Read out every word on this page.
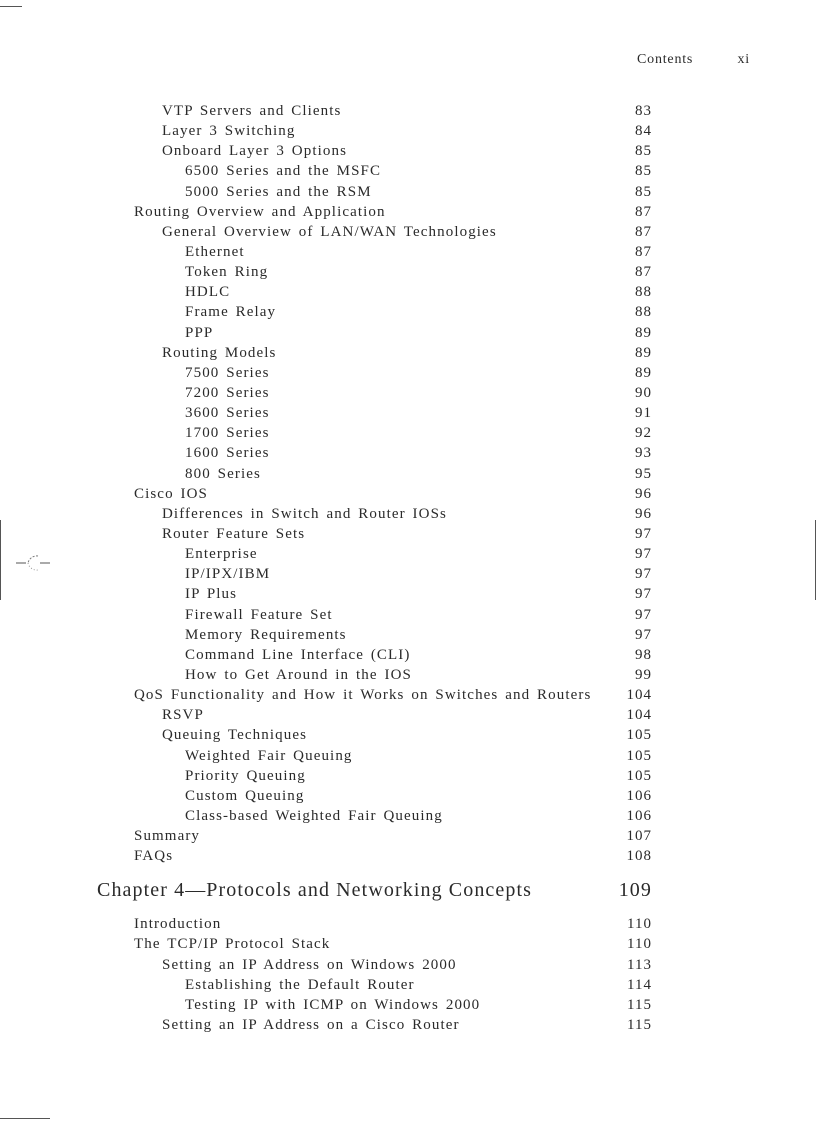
Contents	xi
VTP Servers and Clients	83
Layer 3 Switching	84
Onboard Layer 3 Options	85
6500 Series and the MSFC	85
5000 Series and the RSM	85
Routing Overview and Application	87
General Overview of LAN/WAN Technologies	87
Ethernet	87
Token Ring	87
HDLC	88
Frame Relay	88
PPP	89
Routing Models	89
7500 Series	89
7200 Series	90
3600 Series	91
1700 Series	92
1600 Series	93
800 Series	95
Cisco IOS	96
Differences in Switch and Router IOSs	96
Router Feature Sets	97
Enterprise	97
IP/IPX/IBM	97
IP Plus	97
Firewall Feature Set	97
Memory Requirements	97
Command Line Interface (CLI)	98
How to Get Around in the IOS	99
QoS Functionality and How it Works on Switches and Routers 104
RSVP	104
Queuing Techniques	105
Weighted Fair Queuing	105
Priority Queuing	105
Custom Queuing	106
Class-based Weighted Fair Queuing	106
Summary	107
FAQs	108
Chapter 4—Protocols and Networking Concepts	109
Introduction	110
The TCP/IP Protocol Stack	110
Setting an IP Address on Windows 2000	113
Establishing the Default Router	114
Testing IP with ICMP on Windows 2000	115
Setting an IP Address on a Cisco Router	115
